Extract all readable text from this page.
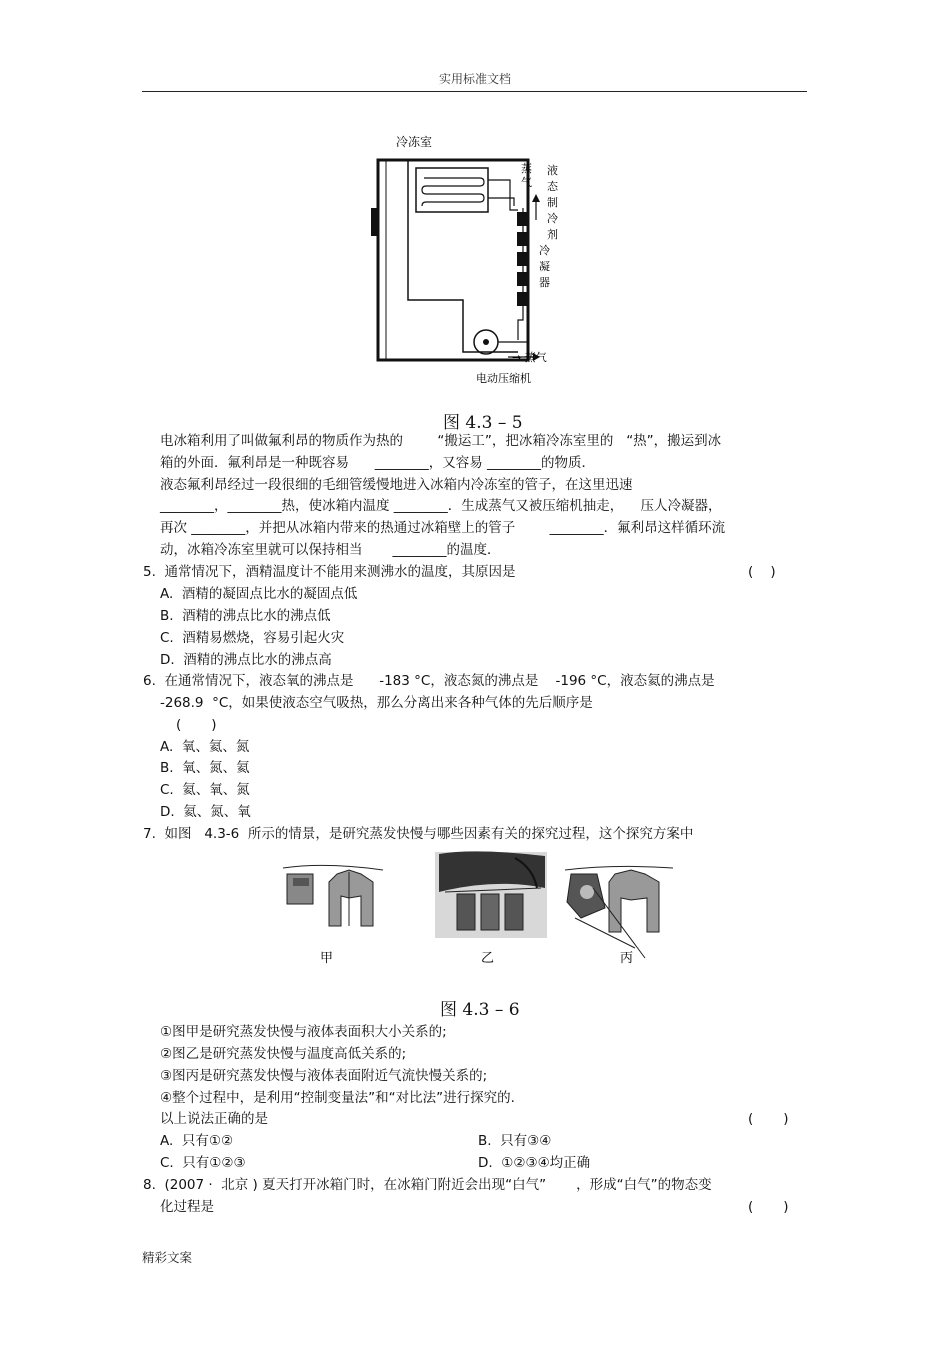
实用标准文档
冷冻室
蒸
气
液
态
制
冷
剂
冷
凝
器
→ 蒸气
电动压缩机
图 4.3 – 5
电冰箱利用了叫做氟利昂的物质作为热的        “搬运工”，把冰箱冷冻室里的   “热”，搬运到冰
箱的外面．氟利昂是一种既容易      ________，又容易 ________的物质．
液态氟利昂经过一段很细的毛细管缓慢地进入冰箱内冷冻室的管子，在这里迅速
________，________热，使冰箱内温度 ________．生成蒸气又被压缩机抽走，    压人冷凝器，
再次 ________，并把从冰箱内带来的热通过冰箱壁上的管子        ________．氟利昂这样循环流
动，冰箱冷冻室里就可以保持相当       ________的温度．
5.  通常情况下，酒精温度计不能用来测沸水的温度，其原因是	(    )
A.  酒精的凝固点比水的凝固点低
B.  酒精的沸点比水的沸点低
C.  酒精易燃烧，容易引起火灾
D.  酒精的沸点比水的沸点高
6.  在通常情况下，液态氧的沸点是      -183 °C，液态氮的沸点是    -196 °C，液态氦的沸点是
-268.9  °C，如果使液态空气吸热，那么分离出来各种气体的先后顺序是
(       )
A.  氧、氦、氮
B.  氧、氮、氦
C.  氦、氧、氮
D.  氦、氮、氧
7.  如图   4.3-6  所示的情景，是研究蒸发快慢与哪些因素有关的探究过程，这个探究方案中
甲	乙	丙
图 4.3 – 6
①图甲是研究蒸发快慢与液体表面积大小关系的;
②图乙是研究蒸发快慢与温度高低关系的;
③图丙是研究蒸发快慢与液体表面附近气流快慢关系的;
④整个过程中，是利用“控制变量法”和“对比法”进行探究的.
以上说法正确的是	(       )
A.  只有①②	B.  只有③④
C.  只有①②③	D.  ①②③④均正确
8.  (2007 ·  北京 ) 夏天打开冰箱门时，在冰箱门附近会出现“白气”       ，形成“白气”的物态变
化过程是	(       )
精彩文案
